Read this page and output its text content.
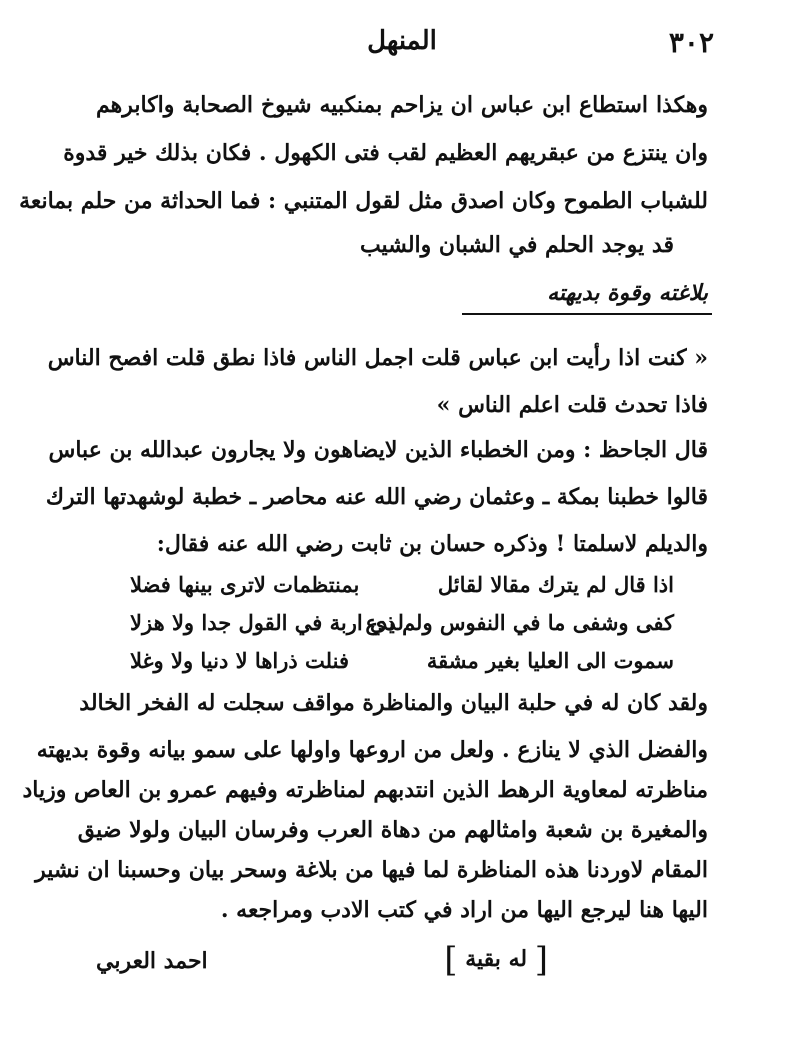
٣٠٢
المنهل
وهكذا استطاع ابن عباس ان يزاحم بمنكبيه شيوخ الصحابة واكابرهم
وان ينتزع من عبقريهم العظيم لقب فتى الكهول . فكان بذلك خير قدوة
للشباب الطموح وكان اصدق مثل لقول المتنبي : فما الحداثة من حلم بمانعة
قد يوجد الحلم في الشبان والشيب
بلاغته وقوة بديهته
« كنت اذا رأيت ابن عباس قلت اجمل الناس فاذا نطق قلت افصح الناس
فاذا تحدث قلت اعلم الناس »
قال الجاحظ : ومن الخطباء الذين لايضاهون ولا يجارون عبدالله بن عباس
قالوا خطبنا بمكة ـ وعثمان رضي الله عنه محاصر ـ خطبة لوشهدتها الترك
والديلم لاسلمتا ! وذكره حسان بن ثابت رضي الله عنه فقال:
اذا قال لم يترك مقالا لقائل
بمنتظمات لاترى بينها فضلا
كفى وشفى ما في النفوس ولم يدع
لذي اربة في القول جدا ولا هزلا
سموت الى العليا بغير مشقة
فنلت ذراها لا دنيا ولا وغلا
ولقد كان له في حلبة البيان والمناظرة مواقف سجلت له الفخر الخالد
والفضل الذي لا ينازع . ولعل من اروعها واولها على سمو بيانه وقوة بديهته
مناظرته لمعاوية الرهط الذين انتدبهم لمناظرته وفيهم عمرو بن العاص وزياد
والمغيرة بن شعبة وامثالهم من دهاة العرب وفرسان البيان ولولا ضيق
المقام لاوردنا هذه المناظرة لما فيها من بلاغة وسحر بيان وحسبنا ان نشير
اليها هنا ليرجع اليها من اراد في كتب الادب ومراجعه .
[ له بقية ]
احمد العربي
